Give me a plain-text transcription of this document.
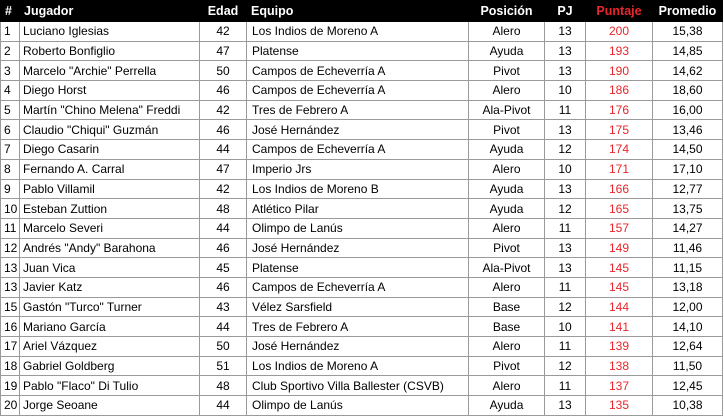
#	Jugador	Edad	Equipo	Posición	PJ	Puntaje	Promedio
1	Luciano Iglesias	42	Los Indios de Moreno A	Alero	13	200	15,38
2	Roberto Bonfiglio	47	Platense	Ayuda	13	193	14,85
3	Marcelo "Archie" Perrella	50	Campos de Echeverría A	Pivot	13	190	14,62
4	Diego Horst	46	Campos de Echeverría A	Alero	10	186	18,60
5	Martín "Chino Melena" Freddi	42	Tres de Febrero A	Ala-Pivot	11	176	16,00
6	Claudio "Chiqui" Guzmán	46	José Hernández	Pivot	13	175	13,46
7	Diego Casarin	44	Campos de Echeverría A	Ayuda	12	174	14,50
8	Fernando A. Carral	47	Imperio Jrs	Alero	10	171	17,10
9	Pablo Villamil	42	Los Indios de Moreno B	Ayuda	13	166	12,77
10	Esteban Zuttion	48	Atlético Pilar	Ayuda	12	165	13,75
11	Marcelo Severi	44	Olimpo de Lanús	Alero	11	157	14,27
12	Andrés "Andy" Barahona	46	José Hernández	Pivot	13	149	11,46
13	Juan Vica	45	Platense	Ala-Pivot	13	145	11,15
13	Javier Katz	46	Campos de Echeverría A	Alero	11	145	13,18
15	Gastón "Turco" Turner	43	Vélez Sarsfield	Base	12	144	12,00
16	Mariano García	44	Tres de Febrero A	Base	10	141	14,10
17	Ariel Vázquez	50	José Hernández	Alero	11	139	12,64
18	Gabriel Goldberg	51	Los Indios de Moreno A	Pivot	12	138	11,50
19	Pablo "Flaco" Di Tulio	48	Club Sportivo Villa Ballester (CSVB)	Alero	11	137	12,45
20	Jorge Seoane	44	Olimpo de Lanús	Ayuda	13	135	10,38
